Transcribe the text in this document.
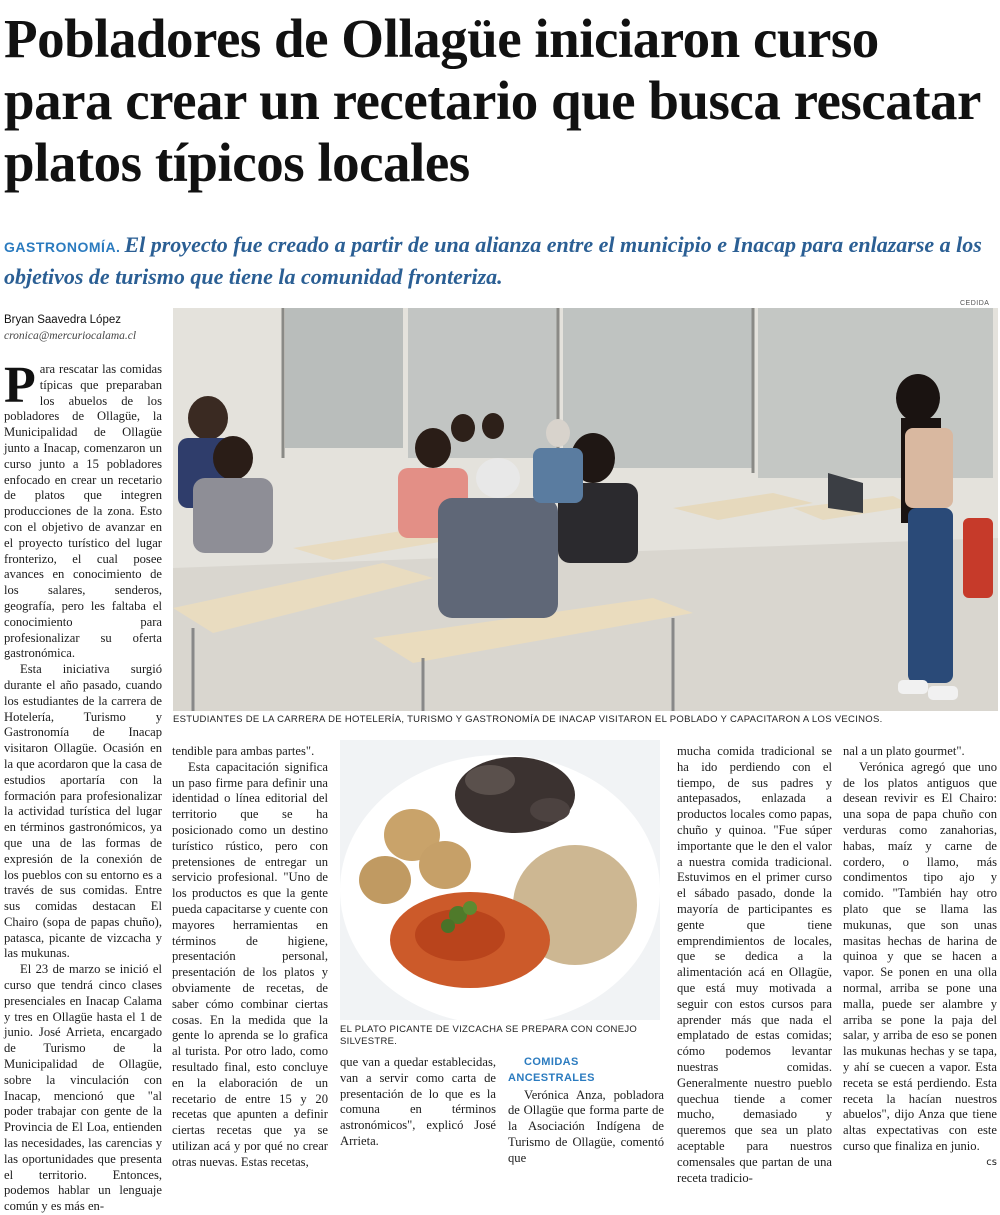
Pobladores de Ollagüe iniciaron curso para crear un recetario que busca rescatar platos típicos locales
GASTRONOMÍA. El proyecto fue creado a partir de una alianza entre el municipio e Inacap para enlazarse a los objetivos de turismo que tiene la comunidad fronteriza.
Bryan Saavedra López
cronica@mercuriocalama.cl
CEDIDA
ESTUDIANTES DE LA CARRERA DE HOTELERÍA, TURISMO Y GASTRONOMÍA DE INACAP VISITARON EL POBLADO Y CAPACITARON A LOS VECINOS.
EL PLATO PICANTE DE VIZCACHA SE PREPARA CON CONEJO SILVESTRE.

Para rescatar las comidas típicas que preparaban los abuelos de los pobladores de Ollagüe, la Municipalidad de Ollagüe junto a Inacap, comenzaron un curso junto a 15 pobladores enfocado en crear un recetario de platos que integren producciones de la zona. Esto con el objetivo de avanzar en el proyecto turístico del lugar fronterizo, el cual posee avances en conocimiento de los salares, senderos, geografía, pero les faltaba el conocimiento para profesionalizar su oferta gastronómica.

Esta iniciativa surgió durante el año pasado, cuando los estudiantes de la carrera de Hotelería, Turismo y Gastronomía de Inacap visitaron Ollagüe. Ocasión en la que acordaron que la casa de estudios aportaría con la formación para profesionalizar la actividad turística del lugar en términos gastronómicos, ya que una de las formas de expresión de la conexión de los pueblos con su entorno es a través de sus comidas. Entre sus comidas destacan El Chairo (sopa de papas chuño), patasca, picante de vizcacha y las mukunas.

El 23 de marzo se inició el curso que tendrá cinco clases presenciales en Inacap Calama y tres en Ollagüe hasta el 1 de junio. José Arrieta, encargado de Turismo de la Municipalidad de Ollagüe, sobre la vinculación con Inacap, mencionó que "al poder trabajar con gente de la Provincia de El Loa, entienden las necesidades, las carencias y las oportunidades que presenta el territorio. Entonces, podemos hablar un lenguaje común y es más en-

tendible para ambas partes".

Esta capacitación significa un paso firme para definir una identidad o línea editorial del territorio que se ha posicionado como un destino turístico rústico, pero con pretensiones de entregar un servicio profesional. "Uno de los productos es que la gente pueda capacitarse y cuente con mayores herramientas en términos de higiene, presentación personal, presentación de los platos y obviamente de recetas, de saber cómo combinar ciertas cosas. En la medida que la gente lo aprenda se lo grafica al turista. Por otro lado, como resultado final, esto concluye en la elaboración de un recetario de entre 15 y 20 recetas que apunten a definir ciertas recetas que ya se utilizan acá y por qué no crear otras nuevas. Estas recetas,

que van a quedar establecidas, van a servir como carta de presentación de lo que es la comuna en términos astronómicos", explicó José Arrieta.

COMIDAS ANCESTRALES

Verónica Anza, pobladora de Ollagüe que forma parte de la Asociación Indígena de Turismo de Ollagüe, comentó que

mucha comida tradicional se ha ido perdiendo con el tiempo, de sus padres y antepasados, enlazada a productos locales como papas, chuño y quinoa. "Fue súper importante que le den el valor a nuestra comida tradicional. Estuvimos en el primer curso el sábado pasado, donde la mayoría de participantes es gente que tiene emprendimientos de locales, que se dedica a la alimentación acá en Ollagüe, que está muy motivada a seguir con estos cursos para aprender más que nada el emplatado de estas comidas; cómo podemos levantar nuestras comidas. Generalmente nuestro pueblo quechua tiende a comer mucho, demasiado y queremos que sea un plato aceptable para nuestros comensales que partan de una receta tradicio-

nal a un plato gourmet".

Verónica agregó que uno de los platos antiguos que desean revivir es El Chairo: una sopa de papa chuño con verduras como zanahorias, habas, maíz y carne de cordero, o llamo, más condimentos tipo ajo y comido. "También hay otro plato que se llama las mukunas, que son unas masitas hechas de harina de quinoa y que se hacen a vapor. Se ponen en una olla normal, arriba se pone una malla, puede ser alambre y arriba se pone la paja del salar, y arriba de eso se ponen las mukunas hechas y se tapa, y ahí se cuecen a vapor. Esta receta se está perdiendo. Esta receta la hacían nuestros abuelos", dijo Anza que tiene altas expectativas con este curso que finaliza en junio.
cs
